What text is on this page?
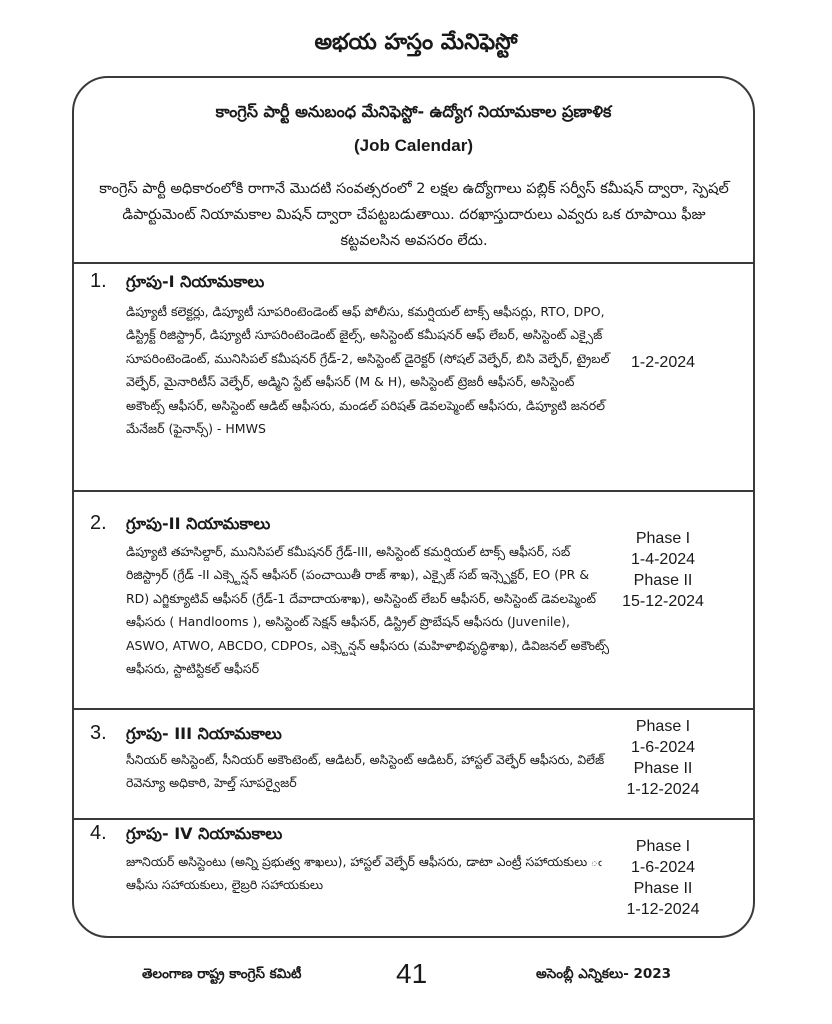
అభయ హస్తం మేనిఫెస్టో
కాంగ్రెస్ పార్టీ అనుబంధ మేనిఫెస్టో- ఉద్యోగ నియామకాల ప్రణాళిక
(Job Calendar)
కాంగ్రెస్ పార్టీ అధికారంలోకి రాగానే మొదటి సంవత్సరంలో 2 లక్షల ఉద్యోగాలు పబ్లిక్ సర్వీస్ కమీషన్ ద్వారా, స్పెషల్ డిపార్టుమెంట్ నియామకాల మిషన్ ద్వారా చేపట్టబడుతాయి. దరఖాస్తుదారులు ఎవ్వరు ఒక రూపాయి ఫీజు కట్టవలసిన అవసరం లేదు.
1. గ్రూపు-I నియామకాలు
డిప్యూటీ కలెక్టర్లు, డిప్యూటీ సూపరింటెండెంట్ ఆఫ్ పోలీసు, కమర్షియల్ టాక్స్ ఆఫీసర్లు, RTO, DPO, డిస్ట్రిక్ట్ రిజిస్ట్రార్, డిప్యూటీ సూపరింటెండెంట్ జైల్స్, అసిస్టెంట్ కమీషనర్ ఆఫ్ లేబర్, అసిస్టెంట్ ఎక్సైజ్ సూపరింటెండెంట్, మునిసిపల్ కమీషనర్ గ్రేడ్-2, అసిస్టెంట్ డైరెక్టర్ (సోషల్ వెల్ఫేర్, బిసి వెల్ఫేర్, ట్రైబల్ వెల్ఫేర్, మైనారిటీస్ వెల్ఫేర్, అడ్మిని స్టేట్ ఆఫీసర్ (M & H), అసిస్టెంట్ ట్రెజరీ ఆఫీసర్, అసిస్టెంట్ అకౌంట్స్ ఆఫీసర్, అసిస్టెంట్ ఆడిట్ ఆఫీసరు, మండల్ పరిషత్ డెవలప్మెంట్ ఆఫీసరు, డిప్యూటి జనరల్ మేనేజర్ (ఫైనాన్స్) - HMWS
1-2-2024
2. గ్రూపు-II నియామకాలు
డిప్యూటి తహసిల్దార్, మునిసిపల్ కమీషనర్ గ్రేడ్-III, అసిస్టెంట్ కమర్షియల్ టాక్స్ ఆఫీసర్, సబ్ రిజిస్ట్రార్ (గ్రేడ్ -II ఎక్స్టెన్షన్ ఆఫీసర్ (పంచాయితీ రాజ్ శాఖ), ఎక్సైజ్ సబ్ ఇన్స్పెక్టర్, EO (PR & RD) ఎగ్జిక్యూటివ్ ఆఫీసర్ (గ్రేడ్-1 దేవాదాయశాఖ), అసిస్టెంట్ లేబర్ ఆఫీసర్, అసిస్టెంట్ డెవలప్మెంట్ ఆఫీసరు ( Handlooms ), అసిస్టెంట్ సెక్షన్ ఆఫీసర్, డిస్ట్రిల్ ప్రొబేషన్ ఆఫీసరు (Juvenile), ASWO, ATWO, ABCDO, CDPOs, ఎక్స్టెన్షన్ ఆఫీసరు (మహిళాభివృద్ధిశాఖ), డివిజనల్ అకౌంట్స్ ఆఫీసరు, స్టాటిస్టికల్ ఆఫీసర్
Phase I
1-4-2024
Phase II
15-12-2024
3. గ్రూపు- III నియామకాలు
సీనియర్ అసిస్టెంట్, సీనియర్ అకౌంటెంట్, ఆడిటర్, అసిస్టెంట్ ఆడిటర్, హాస్టల్ వెల్ఫేర్ ఆఫీసరు, విలేజ్ రెవెన్యూ అధికారి, హెల్త్ సూపర్వైజర్
Phase I
1-6-2024
Phase II
1-12-2024
4. గ్రూపు- IV నియామకాలు
జూనియర్ అసిస్టెంటు (అన్ని ప్రభుత్వ శాఖలు), హాస్టల్ వెల్ఫేర్ ఆఫీసరు, డాటా ఎంట్రీ సహాయకులు ఁ ఆఫీసు సహాయకులు, లైబ్రరి సహాయకులు
Phase I
1-6-2024
Phase II
1-12-2024
తెలంగాణ రాష్ట్ర కాంగ్రెస్ కమిటీ	41	అసెంబ్లీ ఎన్నికలు- 2023
